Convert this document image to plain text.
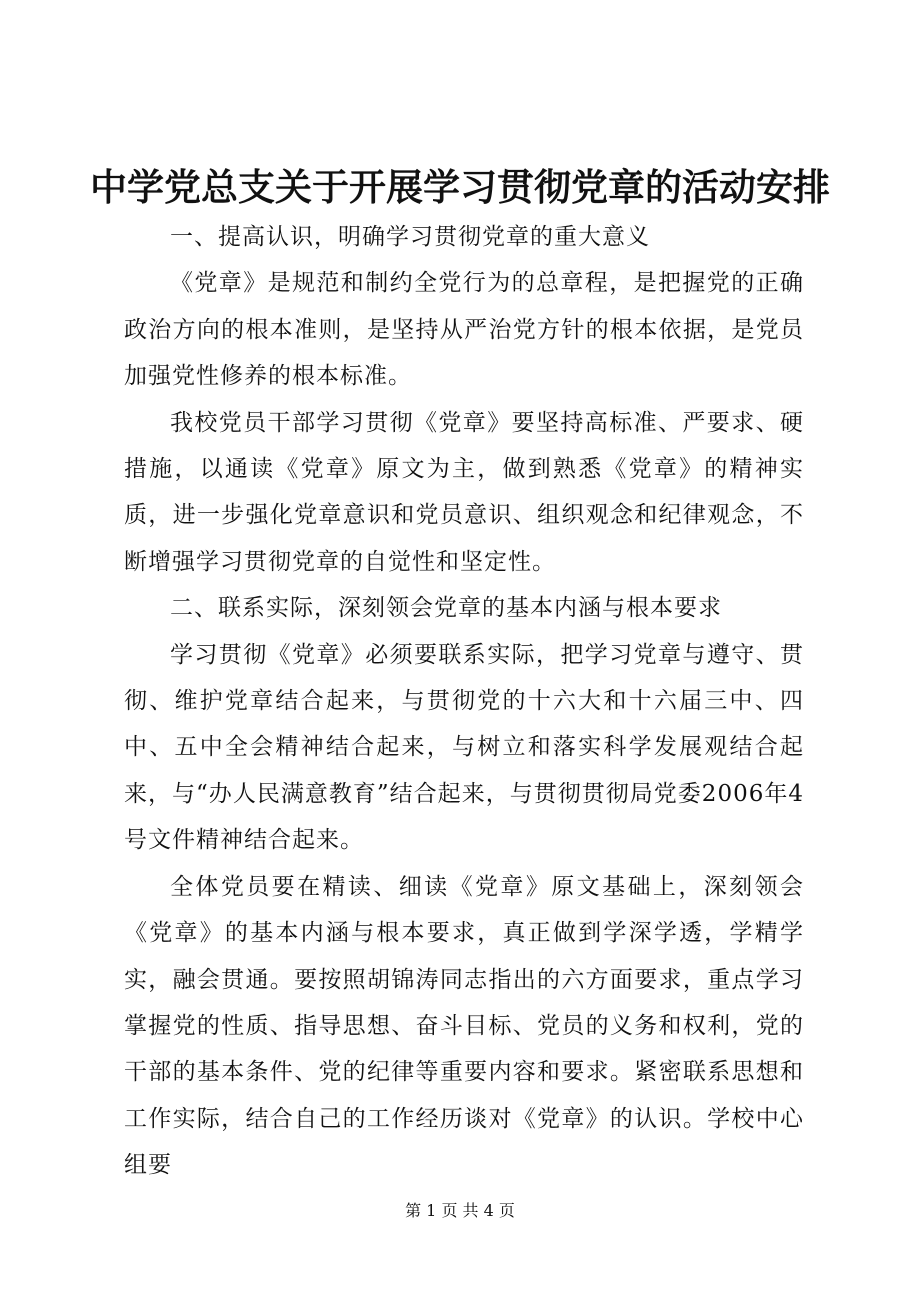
中学党总支关于开展学习贯彻党章的活动安排

一、提高认识，明确学习贯彻党章的重大意义

《党章》是规范和制约全党行为的总章程，是把握党的正确政治方向的根本准则，是坚持从严治党方针的根本依据，是党员加强党性修养的根本标准。

我校党员干部学习贯彻《党章》要坚持高标准、严要求、硬措施，以通读《党章》原文为主，做到熟悉《党章》的精神实质，进一步强化党章意识和党员意识、组织观念和纪律观念，不断增强学习贯彻党章的自觉性和坚定性。

二、联系实际，深刻领会党章的基本内涵与根本要求

学习贯彻《党章》必须要联系实际，把学习党章与遵守、贯彻、维护党章结合起来，与贯彻党的十六大和十六届三中、四中、五中全会精神结合起来，与树立和落实科学发展观结合起来，与“办人民满意教育”结合起来，与贯彻贯彻局党委2006年4号文件精神结合起来。

全体党员要在精读、细读《党章》原文基础上，深刻领会《党章》的基本内涵与根本要求，真正做到学深学透，学精学实，融会贯通。要按照胡锦涛同志指出的六方面要求，重点学习掌握党的性质、指导思想、奋斗目标、党员的义务和权利，党的干部的基本条件、党的纪律等重要内容和要求。紧密联系思想和工作实际，结合自己的工作经历谈对《党章》的认识。学校中心组要

第 1 页 共 4 页
